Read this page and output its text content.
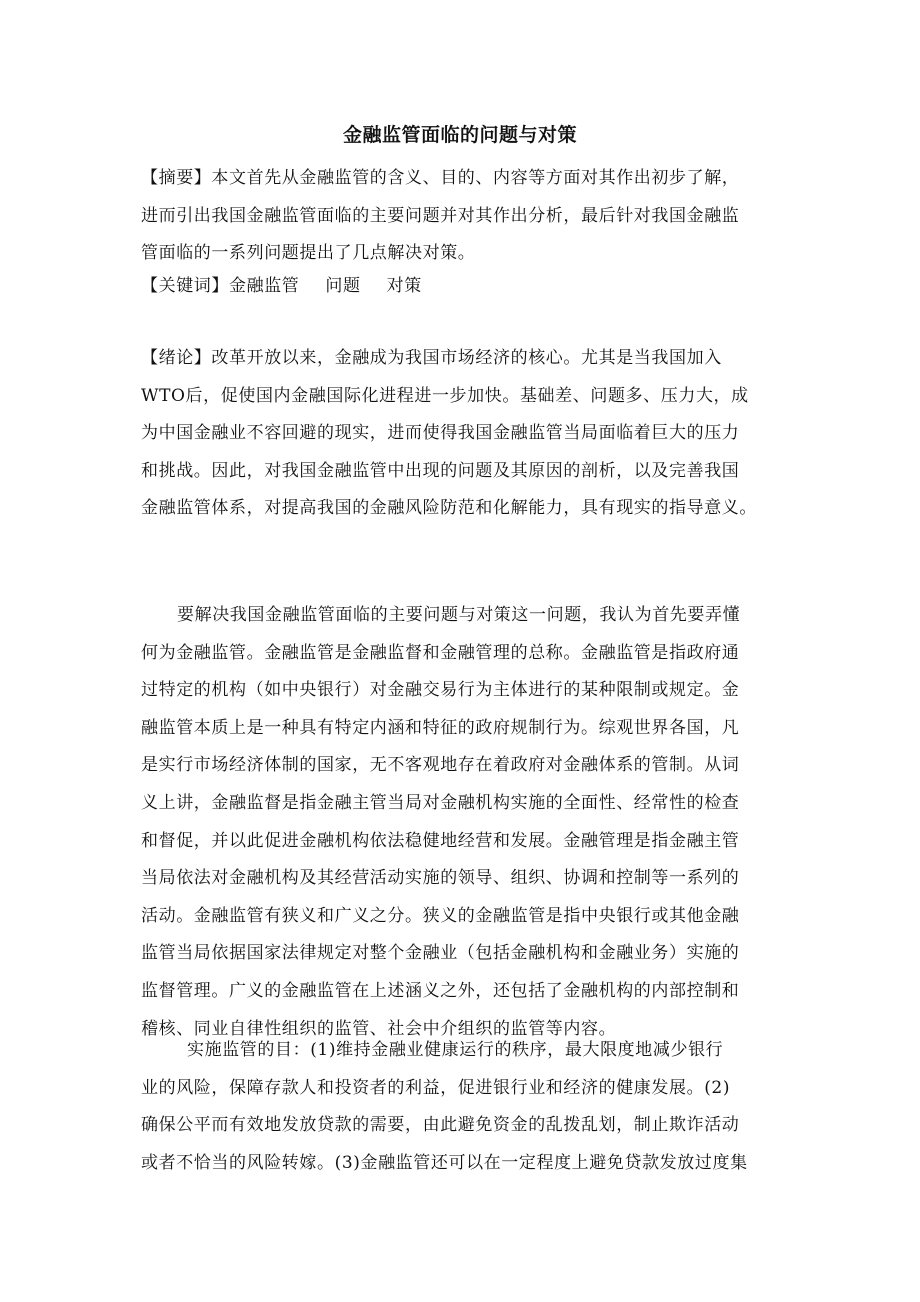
金融监管面临的问题与对策
【摘要】本文首先从金融监管的含义、目的、内容等方面对其作出初步了解，
进而引出我国金融监管面临的主要问题并对其作出分析，最后针对我国金融监
管面临的一系列问题提出了几点解决对策。
【关键词】金融监管 问题 对策
【绪论】改革开放以来，金融成为我国市场经济的核心。尤其是当我国加入
WTO后，促使国内金融国际化进程进一步加快。基础差、问题多、压力大，成
为中国金融业不容回避的现实，进而使得我国金融监管当局面临着巨大的压力
和挑战。因此，对我国金融监管中出现的问题及其原因的剖析，以及完善我国
金融监管体系，对提高我国的金融风险防范和化解能力，具有现实的指导意义。
要解决我国金融监管面临的主要问题与对策这一问题，我认为首先要弄懂
何为金融监管。金融监管是金融监督和金融管理的总称。金融监管是指政府通
过特定的机构（如中央银行）对金融交易行为主体进行的某种限制或规定。金
融监管本质上是一种具有特定内涵和特征的政府规制行为。综观世界各国，凡
是实行市场经济体制的国家，无不客观地存在着政府对金融体系的管制。从词
义上讲，金融监督是指金融主管当局对金融机构实施的全面性、经常性的检查
和督促，并以此促进金融机构依法稳健地经营和发展。金融管理是指金融主管
当局依法对金融机构及其经营活动实施的领导、组织、协调和控制等一系列的
活动。金融监管有狭义和广义之分。狭义的金融监管是指中央银行或其他金融
监管当局依据国家法律规定对整个金融业（包括金融机构和金融业务）实施的
监督管理。广义的金融监管在上述涵义之外，还包括了金融机构的内部控制和
稽核、同业自律性组织的监管、社会中介组织的监管等内容。
实施监管的目：(1)维持金融业健康运行的秩序，最大限度地减少银行
业的风险，保障存款人和投资者的利益，促进银行业和经济的健康发展。(2)
确保公平而有效地发放贷款的需要，由此避免资金的乱拨乱划，制止欺诈活动
或者不恰当的风险转嫁。(3)金融监管还可以在一定程度上避免贷款发放过度集
